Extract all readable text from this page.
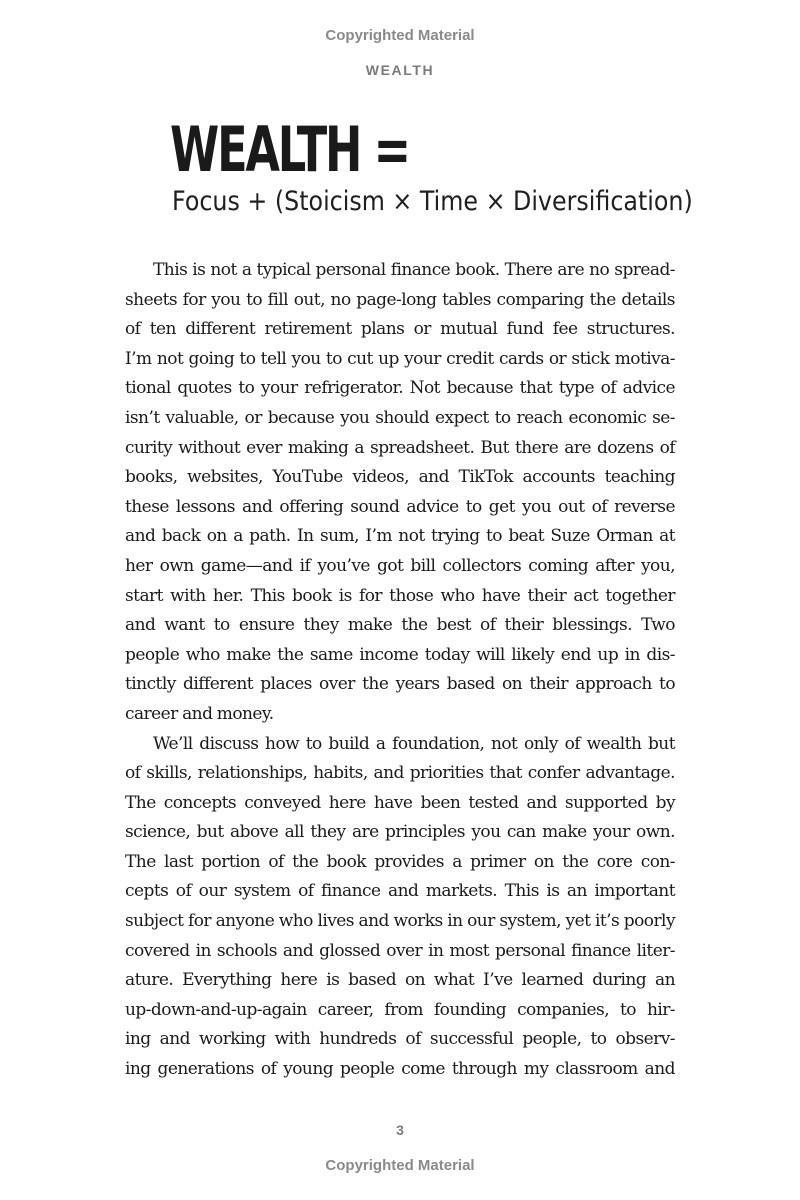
Copyrighted Material
WEALTH
WEALTH =
Focus + (Stoicism × Time × Diversification)
This is not a typical personal finance book. There are no spread-
sheets for you to fill out, no page-long tables comparing the details
of ten different retirement plans or mutual fund fee structures.
I’m not going to tell you to cut up your credit cards or stick motiva-
tional quotes to your refrigerator. Not because that type of advice
isn’t valuable, or because you should expect to reach economic se-
curity without ever making a spreadsheet. But there are dozens of
books, websites, YouTube videos, and TikTok accounts teaching
these lessons and offering sound advice to get you out of reverse
and back on a path. In sum, I’m not trying to beat Suze Orman at
her own game—and if you’ve got bill collectors coming after you,
start with her. This book is for those who have their act together
and want to ensure they make the best of their blessings. Two
people who make the same income today will likely end up in dis-
tinctly different places over the years based on their approach to
career and money.
We’ll discuss how to build a foundation, not only of wealth but
of skills, relationships, habits, and priorities that confer advantage.
The concepts conveyed here have been tested and supported by
science, but above all they are principles you can make your own.
The last portion of the book provides a primer on the core con-
cepts of our system of finance and markets. This is an important
subject for anyone who lives and works in our system, yet it’s poorly
covered in schools and glossed over in most personal finance liter-
ature. Everything here is based on what I’ve learned during an
up-down-and-up-again career, from founding companies, to hir-
ing and working with hundreds of successful people, to observ-
ing generations of young people come through my classroom and
3
Copyrighted Material
